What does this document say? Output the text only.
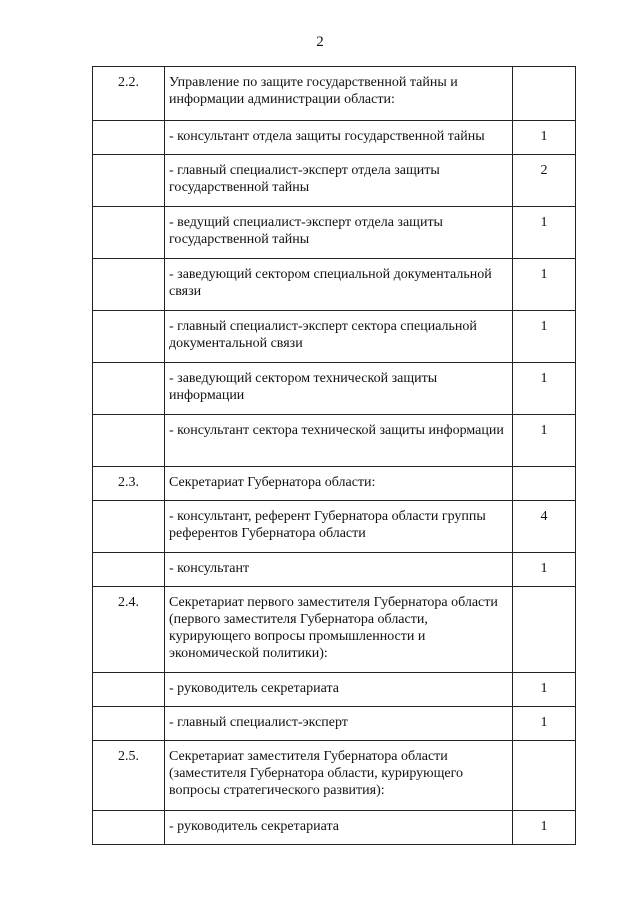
2
2.2.	Управление по защите государственной тайны и информации администрации области:	
	- консультант отдела защиты государственной тайны	1
	- главный специалист-эксперт отдела защиты государственной тайны	2
	- ведущий специалист-эксперт отдела защиты государственной тайны	1
	- заведующий сектором специальной документальной связи	1
	- главный специалист-эксперт сектора специальной документальной связи	1
	- заведующий сектором технической защиты информации	1
	- консультант сектора технической защиты информации	1
2.3.	Секретариат Губернатора области:	
	- консультант, референт Губернатора области группы референтов Губернатора области	4
	- консультант	1
2.4.	Секретариат первого заместителя Губернатора области (первого заместителя Губернатора области, курирующего вопросы промышленности и экономической политики):	
	- руководитель секретариата	1
	- главный специалист-эксперт	1
2.5.	Секретариат заместителя Губернатора области (заместителя Губернатора области, курирующего вопросы стратегического развития):	
	- руководитель секретариата	1
